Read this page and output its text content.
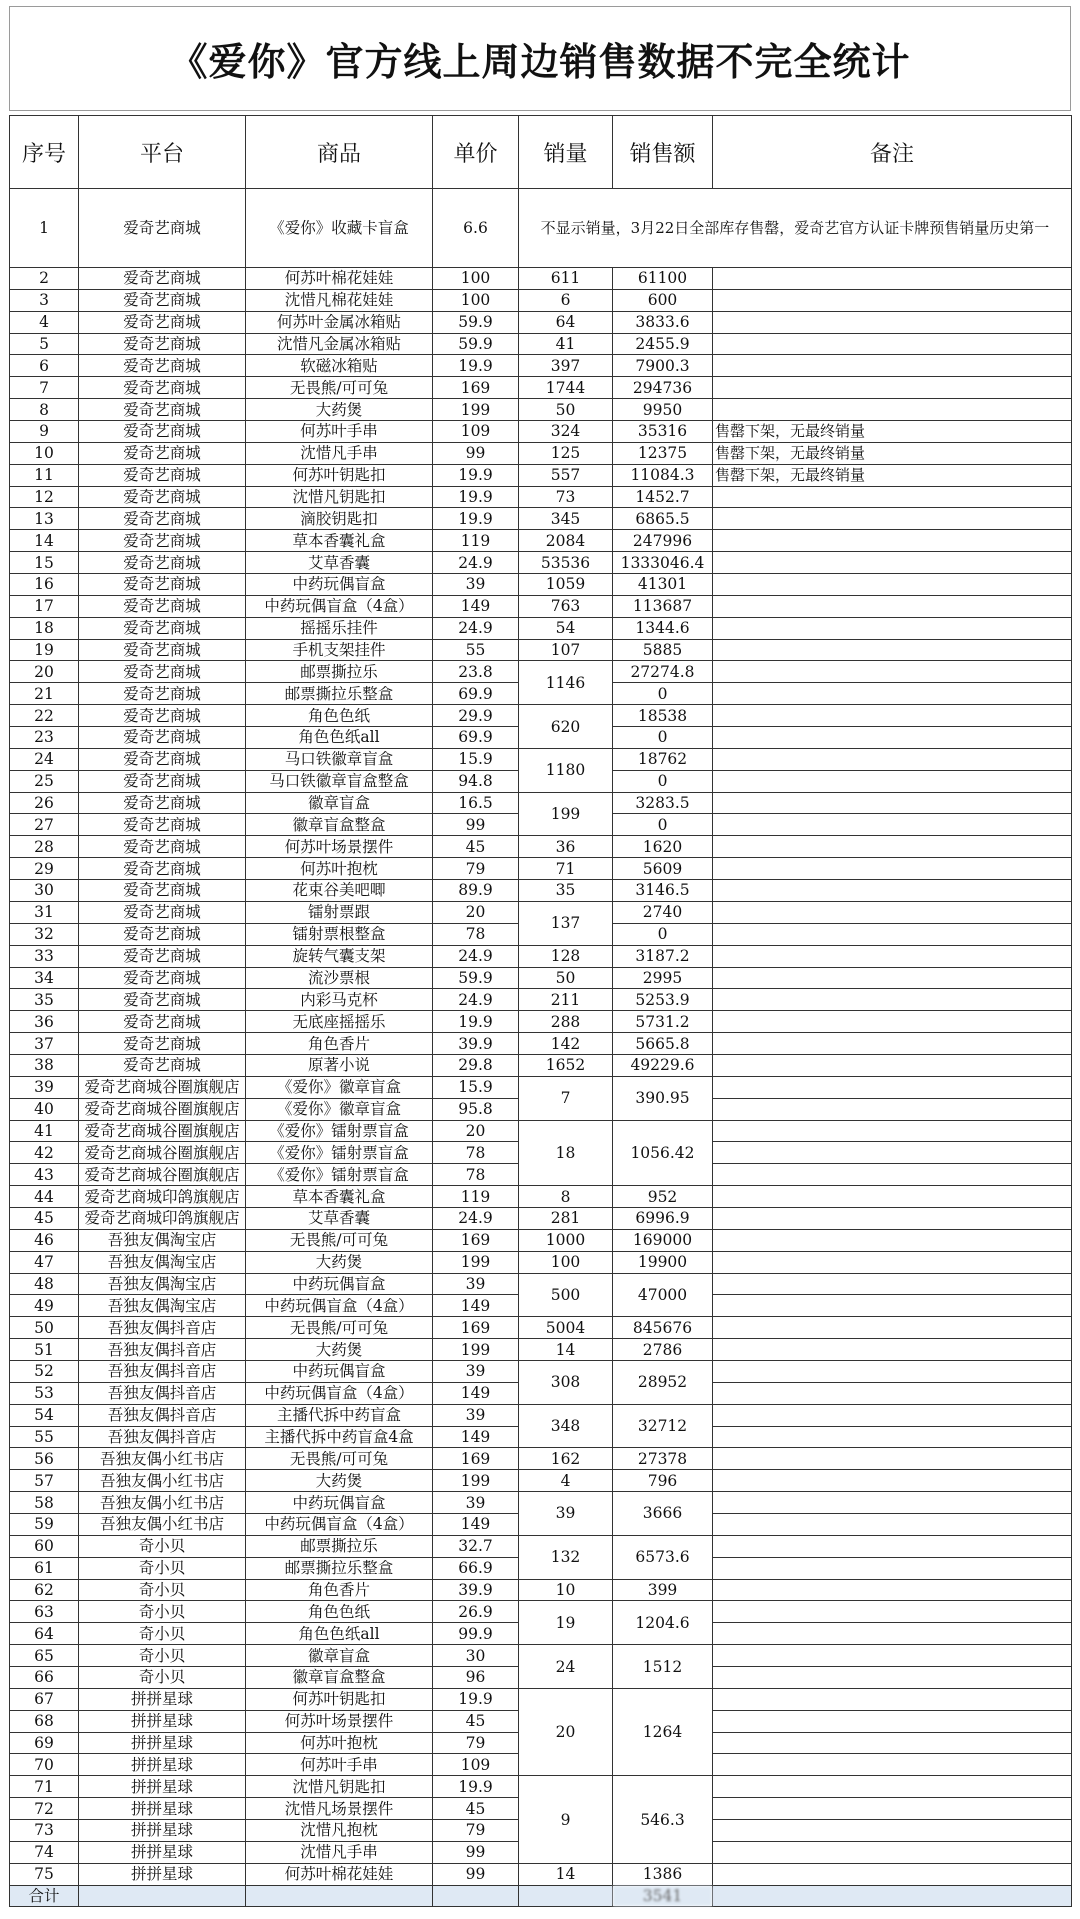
《爱你》官方线上周边销售数据不完全统计
序号	平台	商品	单价	销量	销售额	备注
1	爱奇艺商城	《爱你》收藏卡盲盒	6.6	不显示销量，3月22日全部库存售罄，爱奇艺官方认证卡牌预售销量历史第一		
2	爱奇艺商城	何苏叶棉花娃娃	100	611	61100	
3	爱奇艺商城	沈惜凡棉花娃娃	100	6	600	
4	爱奇艺商城	何苏叶金属冰箱贴	59.9	64	3833.6	
5	爱奇艺商城	沈惜凡金属冰箱贴	59.9	41	2455.9	
6	爱奇艺商城	软磁冰箱贴	19.9	397	7900.3	
7	爱奇艺商城	无畏熊/可可兔	169	1744	294736	
8	爱奇艺商城	大药煲	199	50	9950	
9	爱奇艺商城	何苏叶手串	109	324	35316	售罄下架，无最终销量
10	爱奇艺商城	沈惜凡手串	99	125	12375	售罄下架，无最终销量
11	爱奇艺商城	何苏叶钥匙扣	19.9	557	11084.3	售罄下架，无最终销量
12	爱奇艺商城	沈惜凡钥匙扣	19.9	73	1452.7	
13	爱奇艺商城	滴胶钥匙扣	19.9	345	6865.5	
14	爱奇艺商城	草本香囊礼盒	119	2084	247996	
15	爱奇艺商城	艾草香囊	24.9	53536	1333046.4	
16	爱奇艺商城	中药玩偶盲盒	39	1059	41301	
17	爱奇艺商城	中药玩偶盲盒（4盒）	149	763	113687	
18	爱奇艺商城	摇摇乐挂件	24.9	54	1344.6	
19	爱奇艺商城	手机支架挂件	55	107	5885	
20	爱奇艺商城	邮票撕拉乐	23.8	1146	27274.8	
21	爱奇艺商城	邮票撕拉乐整盒	69.9		0	
22	爱奇艺商城	角色色纸	29.9	620	18538	
23	爱奇艺商城	角色色纸all	69.9		0	
24	爱奇艺商城	马口铁徽章盲盒	15.9	1180	18762	
25	爱奇艺商城	马口铁徽章盲盒整盒	94.8		0	
26	爱奇艺商城	徽章盲盒	16.5	199	3283.5	
27	爱奇艺商城	徽章盲盒整盒	99		0	
28	爱奇艺商城	何苏叶场景摆件	45	36	1620	
29	爱奇艺商城	何苏叶抱枕	79	71	5609	
30	爱奇艺商城	花束谷美吧唧	89.9	35	3146.5	
31	爱奇艺商城	镭射票跟	20	137	2740	
32	爱奇艺商城	镭射票根整盒	78		0	
33	爱奇艺商城	旋转气囊支架	24.9	128	3187.2	
34	爱奇艺商城	流沙票根	59.9	50	2995	
35	爱奇艺商城	内彩马克杯	24.9	211	5253.9	
36	爱奇艺商城	无底座摇摇乐	19.9	288	5731.2	
37	爱奇艺商城	角色香片	39.9	142	5665.8	
38	爱奇艺商城	原著小说	29.8	1652	49229.6	
39	爱奇艺商城谷圈旗舰店	《爱你》徽章盲盒	15.9	7	390.95	
40	爱奇艺商城谷圈旗舰店	《爱你》徽章盲盒	95.8			
41	爱奇艺商城谷圈旗舰店	《爱你》镭射票盲盒	20	18	1056.42	
42	爱奇艺商城谷圈旗舰店	《爱你》镭射票盲盒	78			
43	爱奇艺商城谷圈旗舰店	《爱你》镭射票盲盒	78			
44	爱奇艺商城印鸽旗舰店	草本香囊礼盒	119	8	952	
45	爱奇艺商城印鸽旗舰店	艾草香囊	24.9	281	6996.9	
46	吾独友偶淘宝店	无畏熊/可可兔	169	1000	169000	
47	吾独友偶淘宝店	大药煲	199	100	19900	
48	吾独友偶淘宝店	中药玩偶盲盒	39	500	47000	
49	吾独友偶淘宝店	中药玩偶盲盒（4盒）	149			
50	吾独友偶抖音店	无畏熊/可可兔	169	5004	845676	
51	吾独友偶抖音店	大药煲	199	14	2786	
52	吾独友偶抖音店	中药玩偶盲盒	39	308	28952	
53	吾独友偶抖音店	中药玩偶盲盒（4盒）	149			
54	吾独友偶抖音店	主播代拆中药盲盒	39	348	32712	
55	吾独友偶抖音店	主播代拆中药盲盒4盒	149			
56	吾独友偶小红书店	无畏熊/可可兔	169	162	27378	
57	吾独友偶小红书店	大药煲	199	4	796	
58	吾独友偶小红书店	中药玩偶盲盒	39	39	3666	
59	吾独友偶小红书店	中药玩偶盲盒（4盒）	149			
60	奇小贝	邮票撕拉乐	32.7	132	6573.6	
61	奇小贝	邮票撕拉乐整盒	66.9			
62	奇小贝	角色香片	39.9	10	399	
63	奇小贝	角色色纸	26.9	19	1204.6	
64	奇小贝	角色色纸all	99.9			
65	奇小贝	徽章盲盒	30	24	1512	
66	奇小贝	徽章盲盒整盒	96			
67	拼拼星球	何苏叶钥匙扣	19.9	20	1264	
68	拼拼星球	何苏叶场景摆件	45			
69	拼拼星球	何苏叶抱枕	79			
70	拼拼星球	何苏叶手串	109			
71	拼拼星球	沈惜凡钥匙扣	19.9	9	546.3	
72	拼拼星球	沈惜凡场景摆件	45			
73	拼拼星球	沈惜凡抱枕	79			
74	拼拼星球	沈惜凡手串	99			
75	拼拼星球	何苏叶棉花娃娃	99	14	1386	
合计					3541	
